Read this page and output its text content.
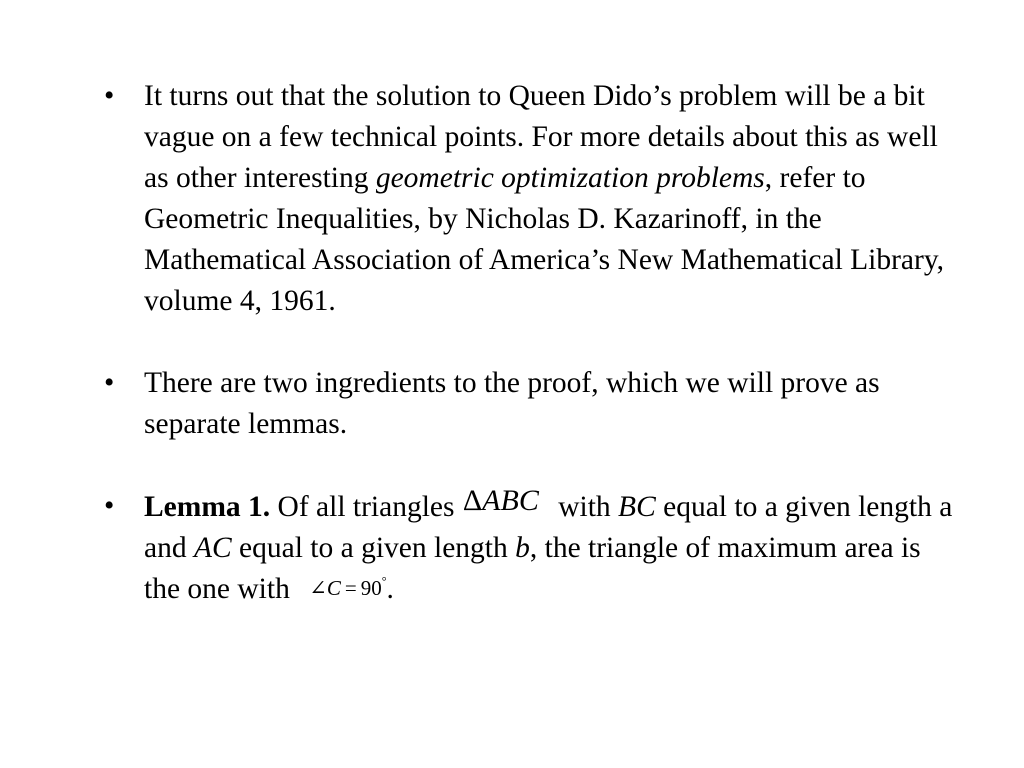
• It turns out that the solution to Queen Dido’s problem will be a bit vague on a few technical points. For more details about this as well as other interesting geometric optimization problems, refer to Geometric Inequalities, by Nicholas D. Kazarinoff, in the Mathematical Association of America’s New Mathematical Library, volume 4, 1961.
• There are two ingredients to the proof, which we will prove as separate lemmas.
• Lemma 1. Of all triangles ΔABC with BC equal to a given length a and AC equal to a given length b, the triangle of maximum area is the one with ∠C = 90°.
